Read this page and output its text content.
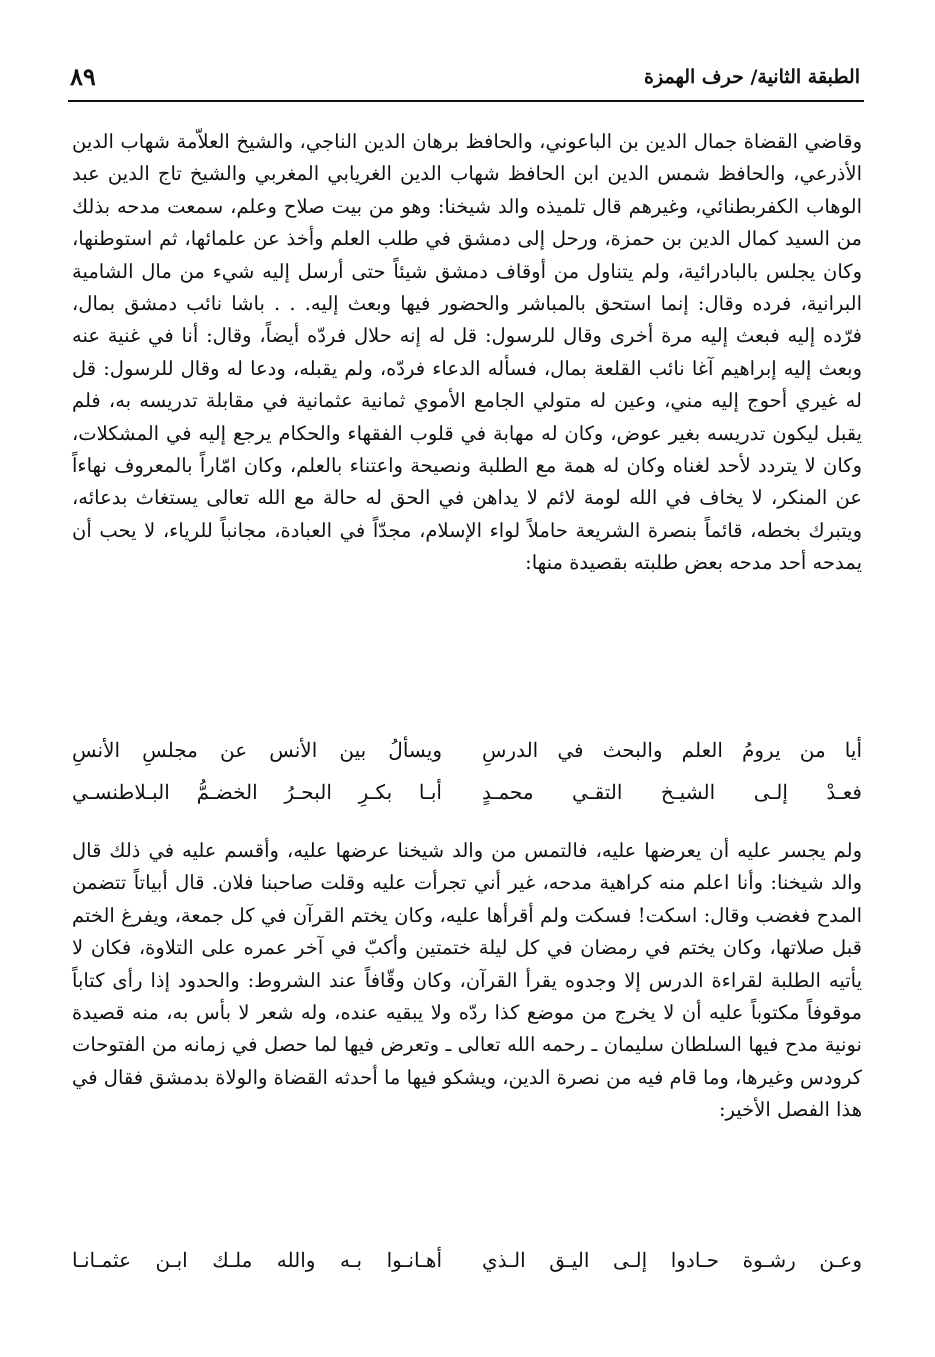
الطبقة الثانية/ حرف الهمزة
٨٩

وقاضي القضاة جمال الدين بن الباعوني، والحافظ برهان الدين الناجي، والشيخ العلاّمة شهاب الدين الأذرعي، والحافظ شمس الدين ابن الحافظ شهاب الدين الغريابي المغربي والشيخ تاج الدين عبد الوهاب الكفربطنائي، وغيرهم قال تلميذه والد شيخنا: وهو من بيت صلاح وعلم، سمعت مدحه بذلك من السيد كمال الدين بن حمزة، ورحل إلى دمشق في طلب العلم وأخذ عن علمائها، ثم استوطنها، وكان يجلس بالبادرائية، ولم يتناول من أوقاف دمشق شيئاً حتى أرسل إليه شيء من مال الشامية البرانية، فرده وقال: إنما استحق بالمباشر والحضور فيها وبعث إليه. . . باشا نائب دمشق بمال، فرّده إليه فبعث إليه مرة أخرى وقال للرسول: قل له إنه حلال فردّه أيضاً، وقال: أنا في غنية عنه وبعث إليه إبراهيم آغا نائب القلعة بمال، فسأله الدعاء فردّه، ولم يقبله، ودعا له وقال للرسول: قل له غيري أحوج إليه مني، وعين له متولي الجامع الأموي ثمانية عثمانية في مقابلة تدريسه به، فلم يقبل ليكون تدريسه بغير عوض، وكان له مهابة في قلوب الفقهاء والحكام يرجع إليه في المشكلات، وكان لا يتردد لأحد لغناه وكان له همة مع الطلبة ونصيحة واعتناء بالعلم، وكان امّاراً بالمعروف نهاءاً عن المنكر، لا يخاف في الله لومة لائم لا يداهن في الحق له حالة مع الله تعالى يستغاث بدعائه، ويتبرك بخطه، قائماً بنصرة الشريعة حاملاً لواء الإسلام، مجدّاً في العبادة، مجانباً للرياء، لا يحب أن يمدحه أحد مدحه بعض طلبته بقصيدة منها:

أيا من يرومُ العلم والبحث في الدرسِ
ويسألُ بين الأنس عن مجلسِ الأنسِ
فعـدْ إلـى الشيـخ التقـي محمـدٍ
أبـا بكـرِ البحـرُ الخضـمُّ البـلاطنسـي

ولم يجسر عليه أن يعرضها عليه، فالتمس من والد شيخنا عرضها عليه، وأقسم عليه في ذلك قال والد شيخنا: وأنا اعلم منه كراهية مدحه، غير أني تجرأت عليه وقلت صاحبنا فلان. قال أبياتاً تتضمن المدح فغضب وقال: اسكت! فسكت ولم أقرأها عليه، وكان يختم القرآن في كل جمعة، ويفرغ الختم قبل صلاتها، وكان يختم في رمضان في كل ليلة ختمتين وأكبّ في آخر عمره على التلاوة، فكان لا يأتيه الطلبة لقراءة الدرس إلا وجدوه يقرأ القرآن، وكان وقّافاً عند الشروط: والحدود إذا رأى كتاباً موقوفاً مكتوباً عليه أن لا يخرج من موضع كذا ردّه ولا يبقيه عنده، وله شعر لا بأس به، منه قصيدة نونية مدح فيها السلطان سليمان ـ رحمه الله تعالى ـ وتعرض فيها لما حصل في زمانه من الفتوحات كرودس وغيرها، وما قام فيه من نصرة الدين، ويشكو فيها ما أحدثه القضاة والولاة بدمشق فقال في هذا الفصل الأخير:

وعـن رشـوة حـادوا إلـى اليـق الـذي
أهـانـوا بـه والله ملـك ابـن عثمـانـا
